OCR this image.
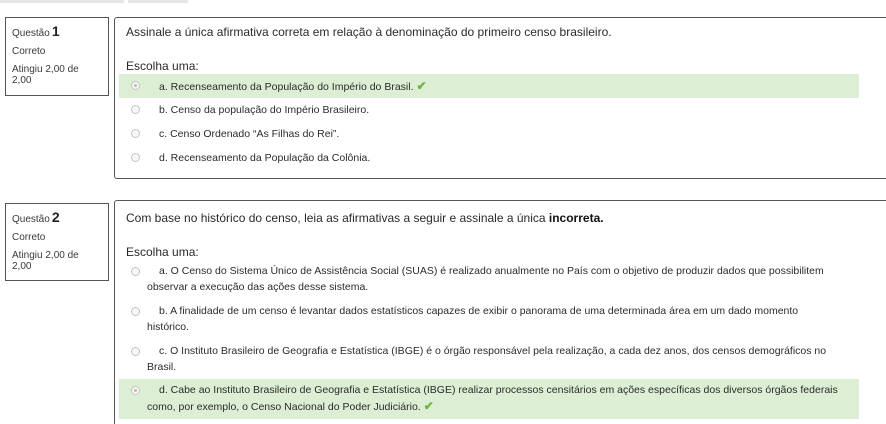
Questão 1
Correto
Atingiu 2,00 de 2,00
Assinale a única afirmativa correta em relação à denominação do primeiro censo brasileiro.
Escolha uma:
a. Recenseamento da População do Império do Brasil. ✔
b. Censo da população do Império Brasileiro.
c. Censo Ordenado “As Filhas do Rei”.
d. Recenseamento da População da Colônia.
Questão 2
Correto
Atingiu 2,00 de 2,00
Com base no histórico do censo, leia as afirmativas a seguir e assinale a única incorreta.
Escolha uma:
a. O Censo do Sistema Único de Assistência Social (SUAS) é realizado anualmente no País com o objetivo de produzir dados que possibilitem observar a execução das ações desse sistema.
b. A finalidade de um censo é levantar dados estatísticos capazes de exibir o panorama de uma determinada área em um dado momento histórico.
c. O Instituto Brasileiro de Geografia e Estatística (IBGE) é o órgão responsável pela realização, a cada dez anos, dos censos demográficos no Brasil.
d. Cabe ao Instituto Brasileiro de Geografia e Estatística (IBGE) realizar processos censitários em ações específicas dos diversos órgãos federais como, por exemplo, o Censo Nacional do Poder Judiciário. ✔
